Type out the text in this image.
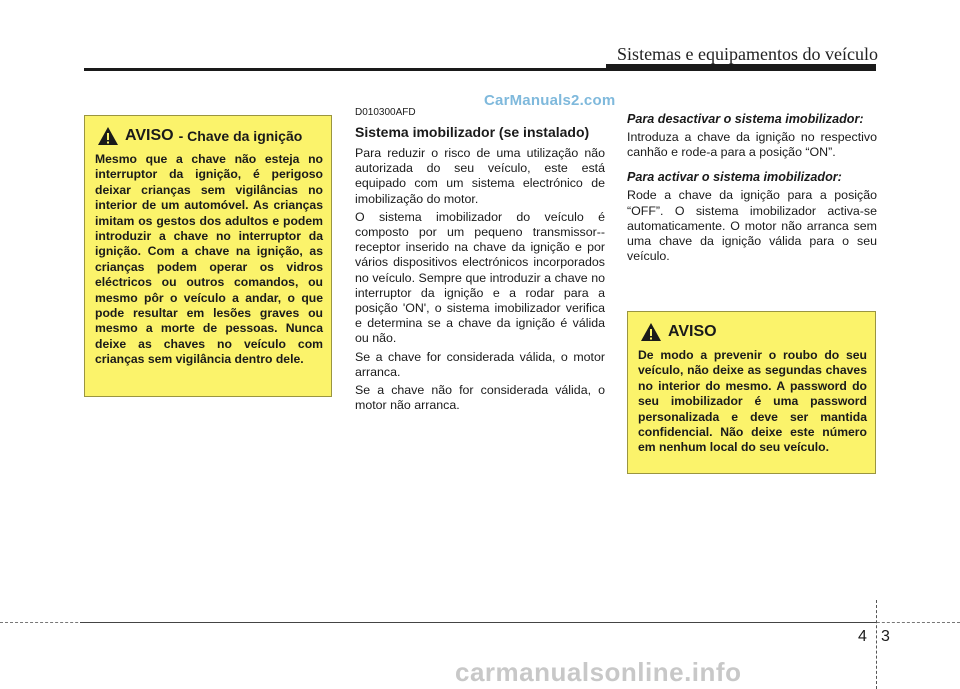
Sistemas e equipamentos do veículo
CarManuals2.com
AVISO - Chave da ignição
Mesmo que a chave não esteja no interruptor da ignição, é perigoso deixar crianças sem vigilâncias no interior de um automóvel. As crianças imitam os gestos dos adultos e podem introduzir a chave no interruptor da ignição. Com a chave na ignição, as crianças podem operar os vidros eléctricos ou outros comandos, ou mesmo pôr o veículo a andar, o que pode resultar em lesões graves ou mesmo a morte de pessoas. Nunca deixe as chaves no veículo com crianças sem vigilância dentro dele.
D010300AFD
Sistema imobilizador (se instalado)

Para reduzir o risco de uma utilização não autorizada do seu veículo, este está equipado com um sistema electrónico de imobilização do motor.

O sistema imobilizador do veículo é composto por um pequeno transmissor--receptor inserido na chave da ignição e por vários dispositivos electrónicos incorporados no veículo. Sempre que introduzir a chave no interruptor da ignição e a rodar para a posição 'ON', o sistema imobilizador verifica e determina se a chave da ignição é válida ou não.

Se a chave for considerada válida, o motor arranca.

Se a chave não for considerada válida, o motor não arranca.

Para desactivar o sistema imobilizador:

Introduza a chave da ignição no respectivo canhão e rode-a para a posição “ON”.

Para activar o sistema imobilizador:

Rode a chave da ignição para a posição “OFF”. O sistema imobilizador activa-se automaticamente. O motor não arranca sem uma chave da ignição válida para o seu veículo.

AVISO
De modo a prevenir o roubo do seu veículo, não deixe as segundas chaves no interior do mesmo. A password do seu imobilizador é uma password personalizada e deve ser mantida confidencial. Não deixe este número em nenhum local do seu veículo.
4 3
carmanualsonline.info
